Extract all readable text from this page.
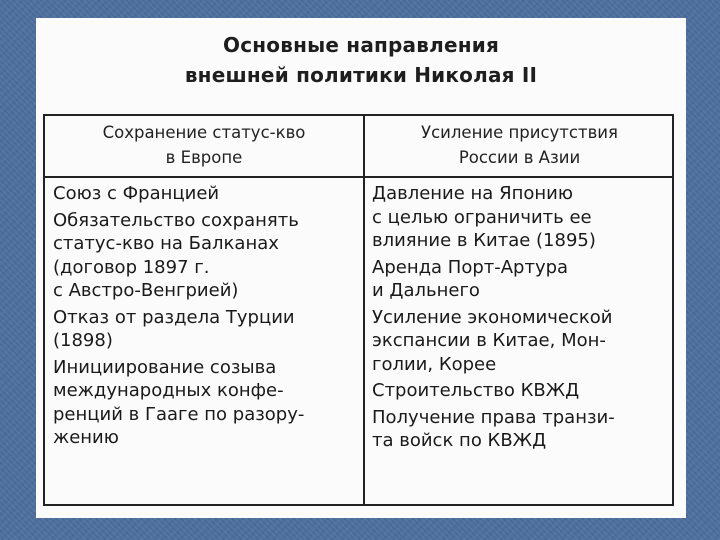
Основные направления
внешней политики Николая II
Сохранение статус-кво
в Европе
Усиление присутствия
России в Азии
Союз с Францией
Обязательство сохранять
статус-кво на Балканах
(договор 1897 г.
с Австро-Венгрией)
Отказ от раздела Турции
(1898)
Инициирование созыва
международных конфе-
ренций в Гааге по разору-
жению
Давление на Японию
с целью ограничить ее
влияние в Китае (1895)
Аренда Порт-Артура
и Дальнего
Усиление экономической
экспансии в Китае, Мон-
голии, Корее
Строительство КВЖД
Получение права транзи-
та войск по КВЖД
